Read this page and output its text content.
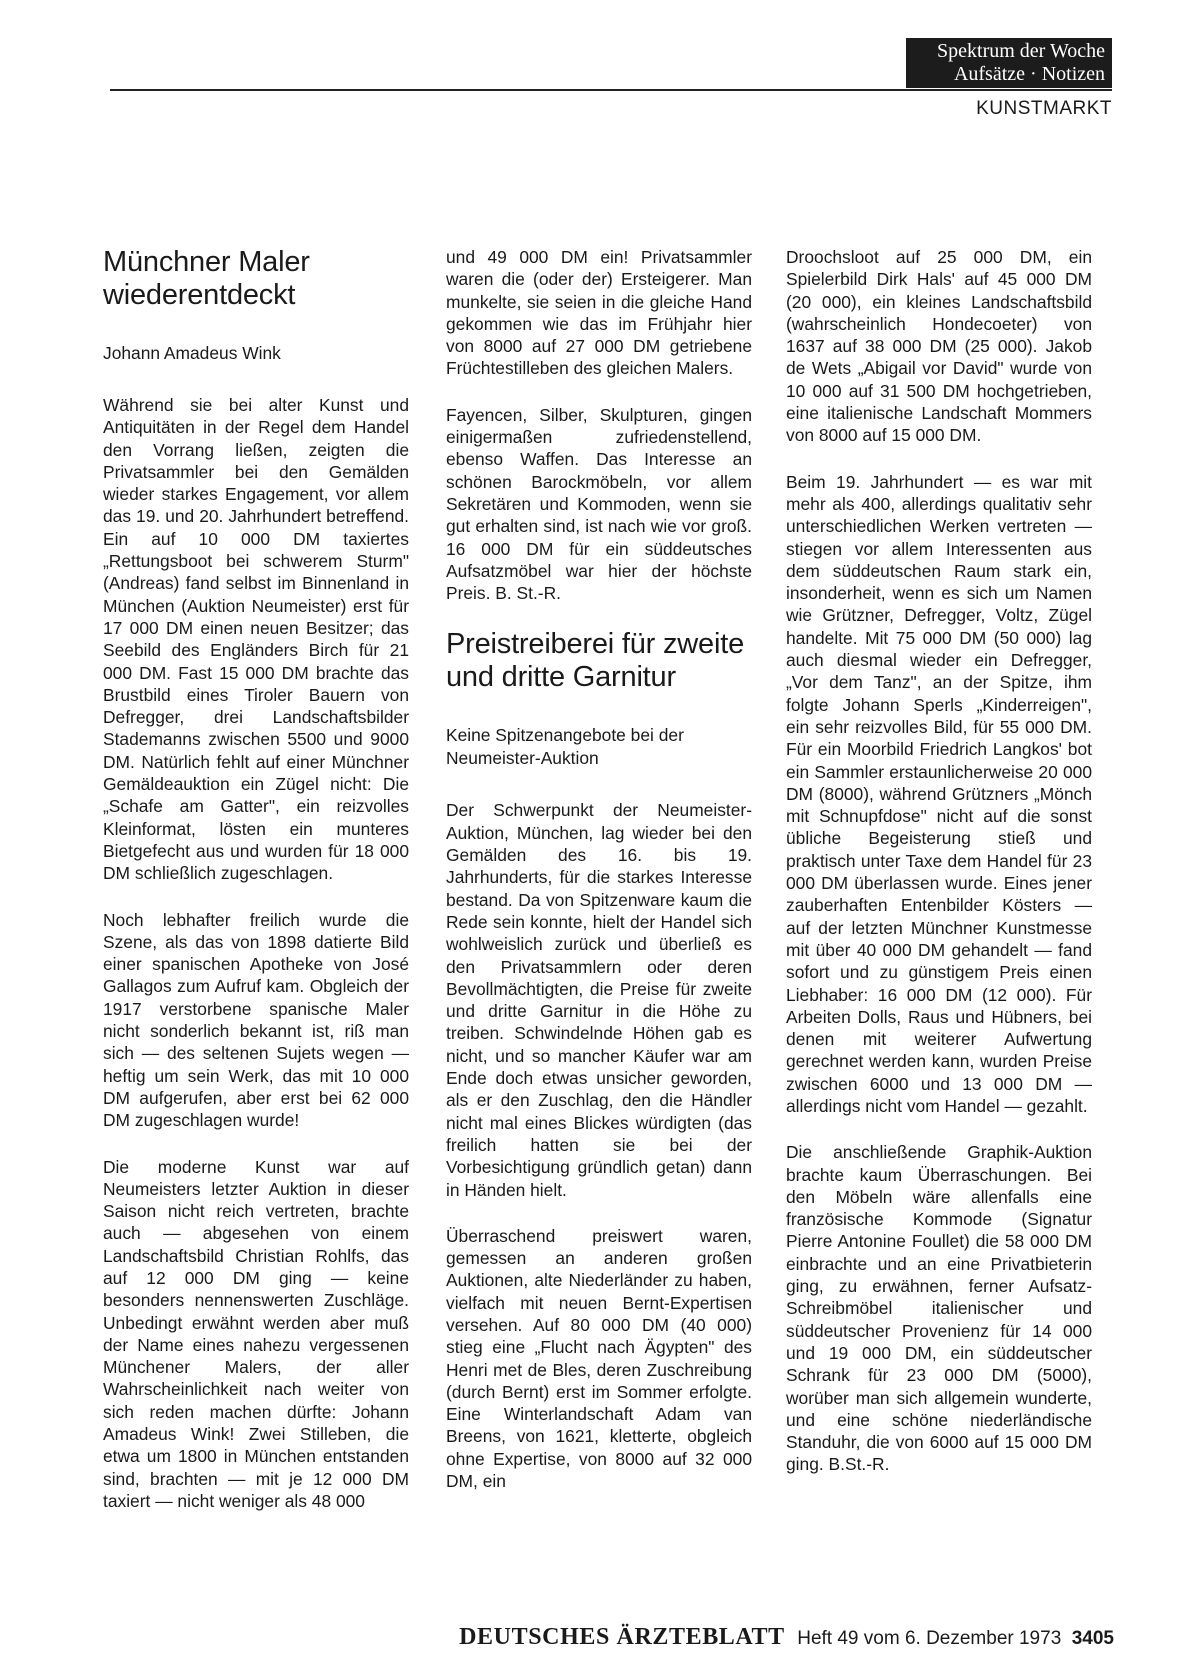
Spektrum der Woche
Aufsätze · Notizen
KUNSTMARKT
Münchner Maler wiederentdeckt
Johann Amadeus Wink

Während sie bei alter Kunst und Antiquitäten in der Regel dem Handel den Vorrang ließen, zeigten die Privatsammler bei den Gemälden wieder starkes Engagement, vor allem das 19. und 20. Jahrhundert betreffend. Ein auf 10 000 DM taxiertes „Rettungsboot bei schwerem Sturm" (Andreas) fand selbst im Binnenland in München (Auktion Neumeister) erst für 17 000 DM einen neuen Besitzer; das Seebild des Engländers Birch für 21 000 DM. Fast 15 000 DM brachte das Brustbild eines Tiroler Bauern von Defregger, drei Landschaftsbilder Stademanns zwischen 5500 und 9000 DM. Natürlich fehlt auf einer Münchner Gemäldeauktion ein Zügel nicht: Die „Schafe am Gatter", ein reizvolles Kleinformat, lösten ein munteres Bietgefecht aus und wurden für 18 000 DM schließlich zugeschlagen.

Noch lebhafter freilich wurde die Szene, als das von 1898 datierte Bild einer spanischen Apotheke von José Gallagos zum Aufruf kam. Obgleich der 1917 verstorbene spanische Maler nicht sonderlich bekannt ist, riß man sich — des seltenen Sujets wegen — heftig um sein Werk, das mit 10 000 DM aufgerufen, aber erst bei 62 000 DM zugeschlagen wurde!

Die moderne Kunst war auf Neumeisters letzter Auktion in dieser Saison nicht reich vertreten, brachte auch — abgesehen von einem Landschaftsbild Christian Rohlfs, das auf 12 000 DM ging — keine besonders nennenswerten Zuschläge. Unbedingt erwähnt werden aber muß der Name eines nahezu vergessenen Münchener Malers, der aller Wahrscheinlichkeit nach weiter von sich reden machen dürfte: Johann Amadeus Wink! Zwei Stilleben, die etwa um 1800 in München entstanden sind, brachten — mit je 12 000 DM taxiert — nicht weniger als 48 000

und 49 000 DM ein! Privatsammler waren die (oder der) Ersteigerer. Man munkelte, sie seien in die gleiche Hand gekommen wie das im Frühjahr hier von 8000 auf 27 000 DM getriebene Früchtestilleben des gleichen Malers.

Fayencen, Silber, Skulpturen, gingen einigermaßen zufriedenstellend, ebenso Waffen. Das Interesse an schönen Barockmöbeln, vor allem Sekretären und Kommoden, wenn sie gut erhalten sind, ist nach wie vor groß. 16 000 DM für ein süddeutsches Aufsatzmöbel war hier der höchste Preis. B. St.-R.

Preistreiberei für zweite und dritte Garnitur
Keine Spitzenangebote bei der Neumeister-Auktion

Der Schwerpunkt der Neumeister-Auktion, München, lag wieder bei den Gemälden des 16. bis 19. Jahrhunderts, für die starkes Interesse bestand. Da von Spitzenware kaum die Rede sein konnte, hielt der Handel sich wohlweislich zurück und überließ es den Privatsammlern oder deren Bevollmächtigten, die Preise für zweite und dritte Garnitur in die Höhe zu treiben. Schwindelnde Höhen gab es nicht, und so mancher Käufer war am Ende doch etwas unsicher geworden, als er den Zuschlag, den die Händler nicht mal eines Blickes würdigten (das freilich hatten sie bei der Vorbesichtigung gründlich getan) dann in Händen hielt.

Überraschend preiswert waren, gemessen an anderen großen Auktionen, alte Niederländer zu haben, vielfach mit neuen Bernt-Expertisen versehen. Auf 80 000 DM (40 000) stieg eine „Flucht nach Ägypten" des Henri met de Bles, deren Zuschreibung (durch Bernt) erst im Sommer erfolgte. Eine Winterlandschaft Adam van Breens, von 1621, kletterte, obgleich ohne Expertise, von 8000 auf 32 000 DM, ein

Droochsloot auf 25 000 DM, ein Spielerbild Dirk Hals' auf 45 000 DM (20 000), ein kleines Landschaftsbild (wahrscheinlich Hondecoeter) von 1637 auf 38 000 DM (25 000). Jakob de Wets „Abigail vor David" wurde von 10 000 auf 31 500 DM hochgetrieben, eine italienische Landschaft Mommers von 8000 auf 15 000 DM.

Beim 19. Jahrhundert — es war mit mehr als 400, allerdings qualitativ sehr unterschiedlichen Werken vertreten — stiegen vor allem Interessenten aus dem süddeutschen Raum stark ein, insonderheit, wenn es sich um Namen wie Grützner, Defregger, Voltz, Zügel handelte. Mit 75 000 DM (50 000) lag auch diesmal wieder ein Defregger, „Vor dem Tanz", an der Spitze, ihm folgte Johann Sperls „Kinderreigen", ein sehr reizvolles Bild, für 55 000 DM. Für ein Moorbild Friedrich Langkos' bot ein Sammler erstaunlicherweise 20 000 DM (8000), während Grützners „Mönch mit Schnupfdose" nicht auf die sonst übliche Begeisterung stieß und praktisch unter Taxe dem Handel für 23 000 DM überlassen wurde. Eines jener zauberhaften Entenbilder Kösters — auf der letzten Münchner Kunstmesse mit über 40 000 DM gehandelt — fand sofort und zu günstigem Preis einen Liebhaber: 16 000 DM (12 000). Für Arbeiten Dolls, Raus und Hübners, bei denen mit weiterer Aufwertung gerechnet werden kann, wurden Preise zwischen 6000 und 13 000 DM — allerdings nicht vom Handel — gezahlt.

Die anschließende Graphik-Auktion brachte kaum Überraschungen. Bei den Möbeln wäre allenfalls eine französische Kommode (Signatur Pierre Antonine Foullet) die 58 000 DM einbrachte und an eine Privatbieterin ging, zu erwähnen, ferner Aufsatz-Schreibmöbel italienischer und süddeutscher Provenienz für 14 000 und 19 000 DM, ein süddeutscher Schrank für 23 000 DM (5000), worüber man sich allgemein wunderte, und eine schöne niederländische Standuhr, die von 6000 auf 15 000 DM ging. B.St.-R.

DEUTSCHES ÄRZTEBLATT Heft 49 vom 6. Dezember 1973 3405
